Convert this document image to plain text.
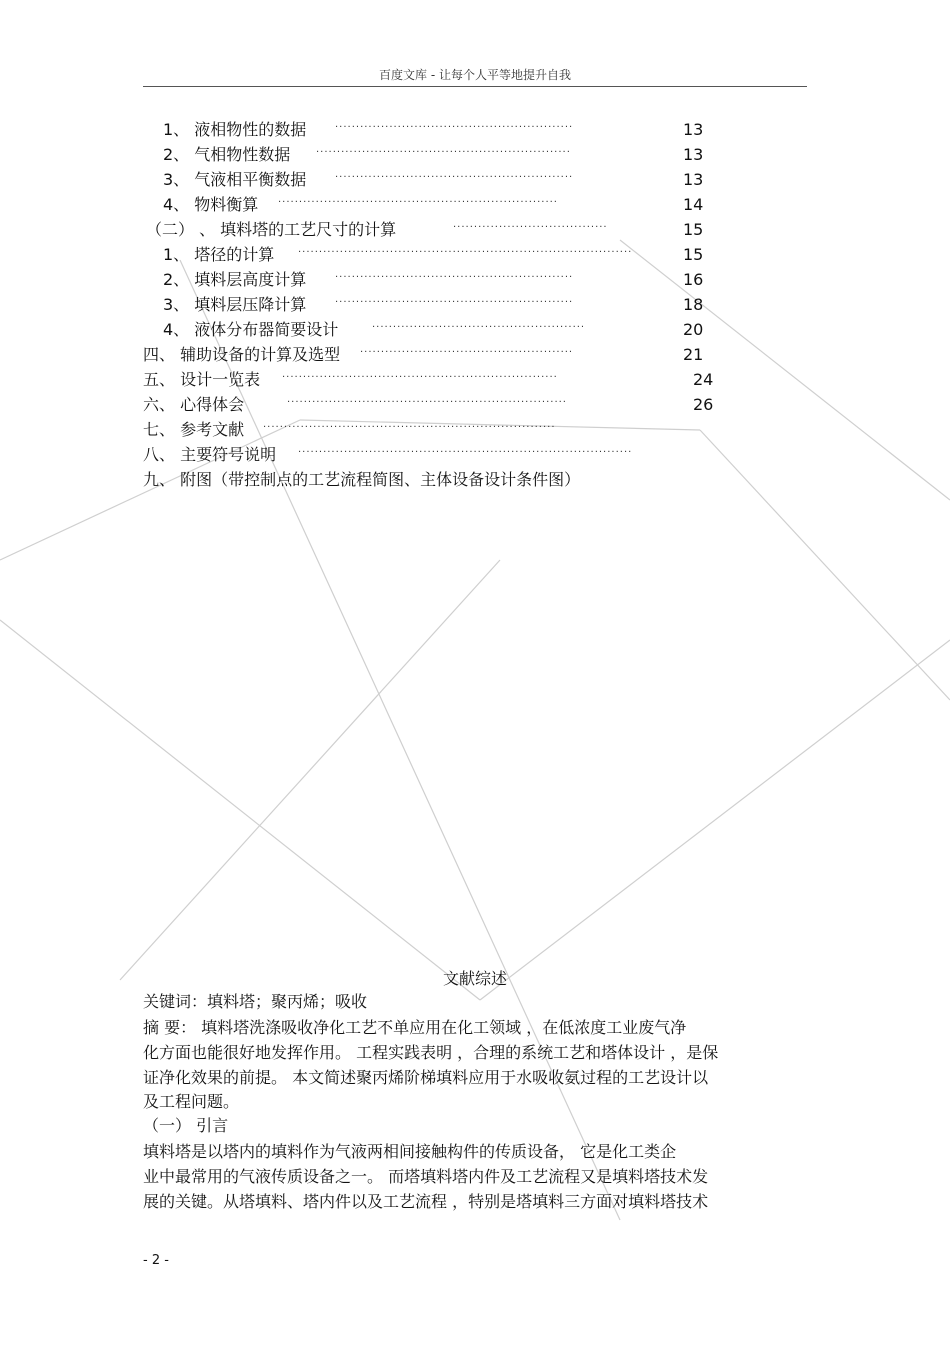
百度文库 - 让每个人平等地提升自我
1、 液相物性的数据	·························································	13
2、 气相物性数据	·····························································	13
3、 气液相平衡数据	·························································	13
4、 物料衡算 ···································································	14
（二） 、 填料塔的工艺尺寸的计算	·····································	15
1、 塔径的计算 ················································································	15
2、 填料层高度计算	·························································	16
3、 填料层压降计算	·························································	18
4、 液体分布器简要设计	···················································	20
四、 辅助设备的计算及选型 ···················································	21
五、 设计一览表 ··································································	24
六、 心得体会	···································································	26
七、 参考文献 ······································································
八、 主要符号说明 ················································································
九、 附图（带控制点的工艺流程简图、主体设备设计条件图）
文献综述
关键词：填料塔；聚丙烯；吸收
摘 要： 填料塔洗涤吸收净化工艺不单应用在化工领域 ，在低浓度工业废气净
化方面也能很好地发挥作用。 工程实践表明 ，合理的系统工艺和塔体设计 ，是保
证净化效果的前提。 本文简述聚丙烯阶梯填料应用于水吸收氨过程的工艺设计以
及工程问题。
（一） 引言
填料塔是以塔内的填料作为气液两相间接触构件的传质设备， 它是化工类企
业中最常用的气液传质设备之一。 而塔填料塔内件及工艺流程又是填料塔技术发
展的关键。从塔填料、塔内件以及工艺流程 ，特别是塔填料三方面对填料塔技术
- 2 -
